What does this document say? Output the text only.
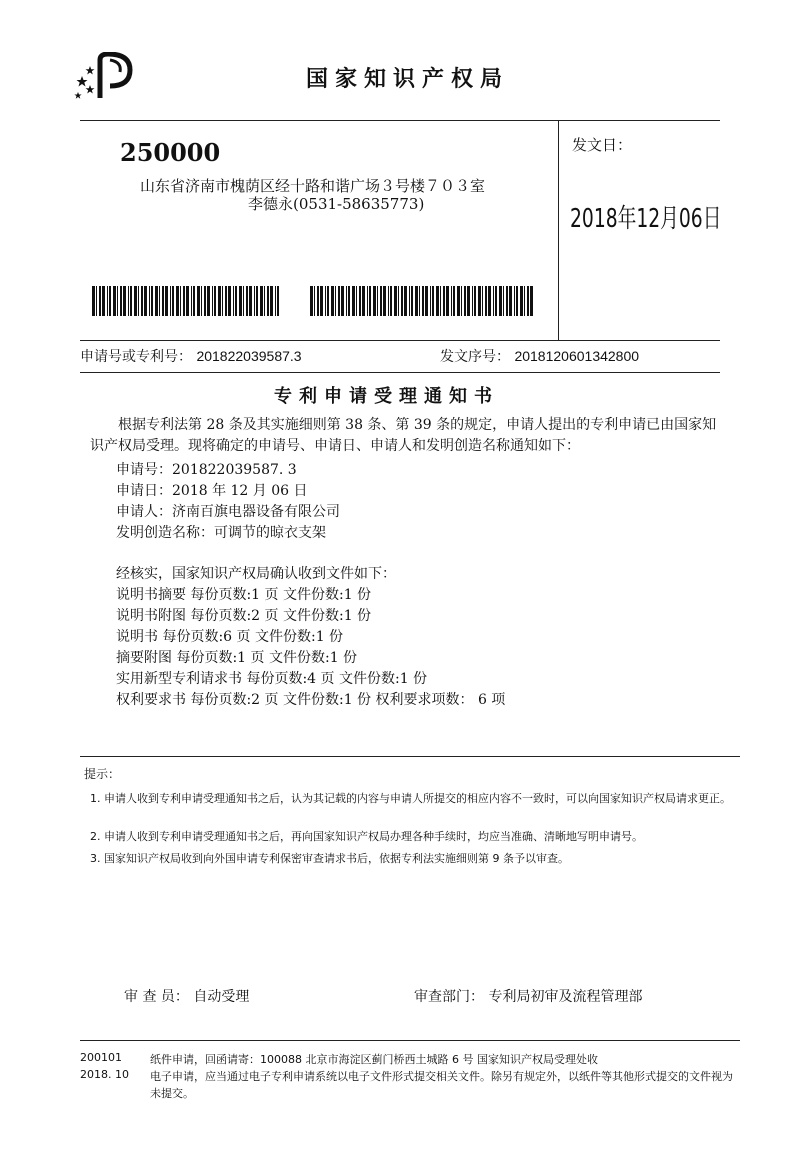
国家知识产权局
250000
山东省济南市槐荫区经十路和谐广场３号楼７０３室
李德永(0531-58635773)
发文日：
2018年12月06日
申请号或专利号： 201822039587.3	发文序号： 2018120601342800
专利申请受理通知书
根据专利法第 28 条及其实施细则第 38 条、第 39 条的规定，申请人提出的专利申请已由国家知识产权局受理。现将确定的申请号、申请日、申请人和发明创造名称通知如下：
申请号：201822039587. 3
申请日：2018 年 12 月 06 日
申请人：济南百旗电器设备有限公司
发明创造名称：可调节的晾衣支架
经核实，国家知识产权局确认收到文件如下：
说明书摘要 每份页数:1 页 文件份数:1 份
说明书附图 每份页数:2 页 文件份数:1 份
说明书 每份页数:6 页 文件份数:1 份
摘要附图 每份页数:1 页 文件份数:1 份
实用新型专利请求书 每份页数:4 页 文件份数:1 份
权利要求书 每份页数:2 页 文件份数:1 份 权利要求项数： 6 项
提示：
1. 申请人收到专利申请受理通知书之后，认为其记载的内容与申请人所提交的相应内容不一致时，可以向国家知识产权局请求更正。
2. 申请人收到专利申请受理通知书之后，再向国家知识产权局办理各种手续时，均应当准确、清晰地写明申请号。
3. 国家知识产权局收到向外国申请专利保密审查请求书后，依据专利法实施细则第 9 条予以审查。
审 查 员： 自动受理	审查部门： 专利局初审及流程管理部
200101
2018. 10
纸件申请，回函请寄：100088 北京市海淀区蓟门桥西土城路 6 号 国家知识产权局受理处收
电子申请，应当通过电子专利申请系统以电子文件形式提交相关文件。除另有规定外，以纸件等其他形式提交的文件视为未提交。
